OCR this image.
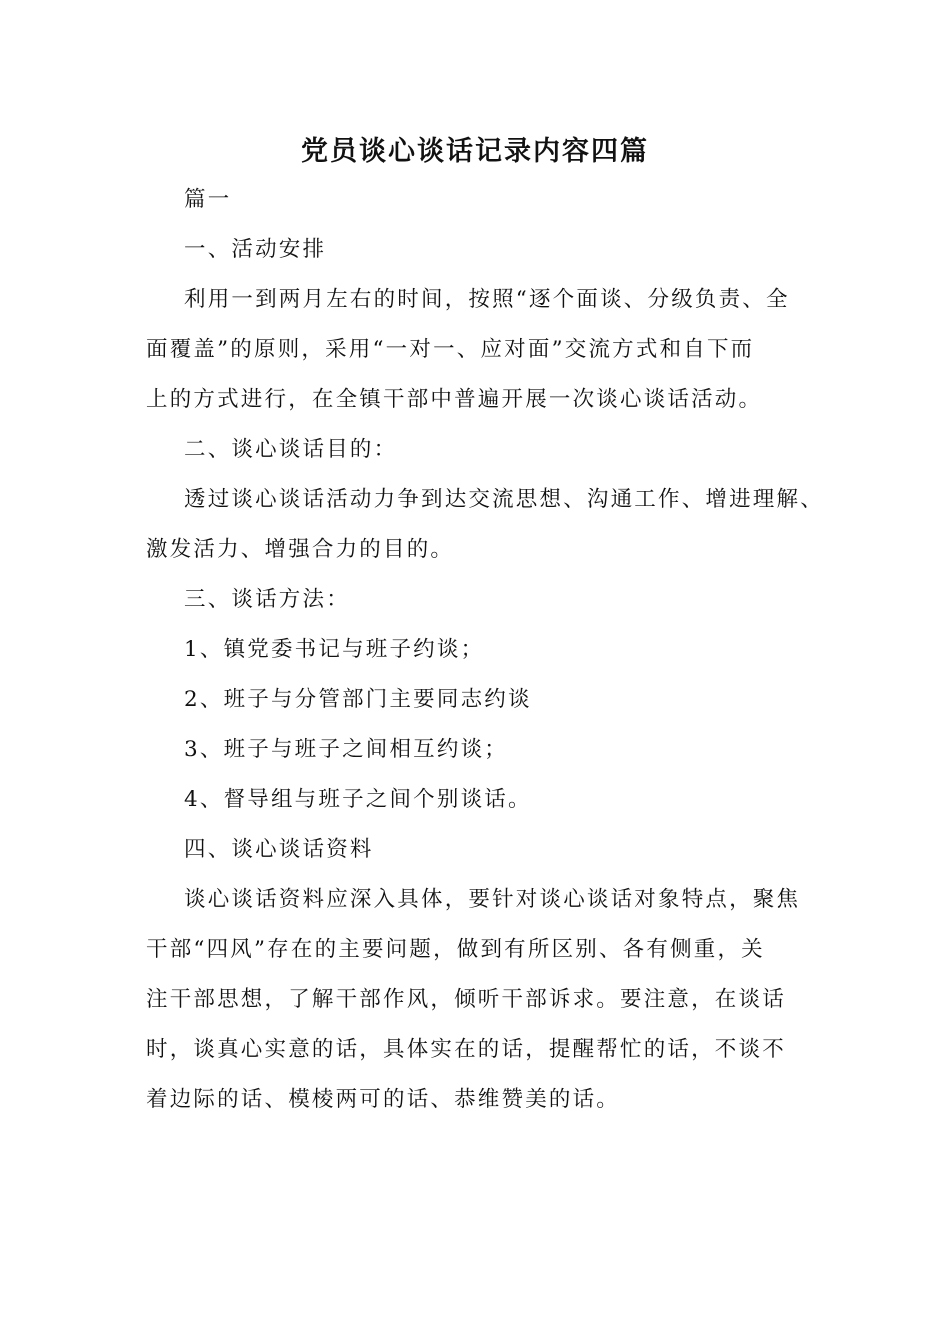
党员谈心谈话记录内容四篇
篇一
一、活动安排
利用一到两月左右的时间，按照“逐个面谈、分级负责、全
面覆盖”的原则，采用“一对一、应对面”交流方式和自下而
上的方式进行，在全镇干部中普遍开展一次谈心谈话活动。
二、谈心谈话目的：
透过谈心谈话活动力争到达交流思想、沟通工作、增进理解、
激发活力、增强合力的目的。
三、谈话方法：
1、镇党委书记与班子约谈；
2、班子与分管部门主要同志约谈
3、班子与班子之间相互约谈；
4、督导组与班子之间个别谈话。
四、谈心谈话资料
谈心谈话资料应深入具体，要针对谈心谈话对象特点，聚焦
干部“四风”存在的主要问题，做到有所区别、各有侧重，关
注干部思想，了解干部作风，倾听干部诉求。要注意，在谈话
时，谈真心实意的话，具体实在的话，提醒帮忙的话，不谈不
着边际的话、模棱两可的话、恭维赞美的话。
